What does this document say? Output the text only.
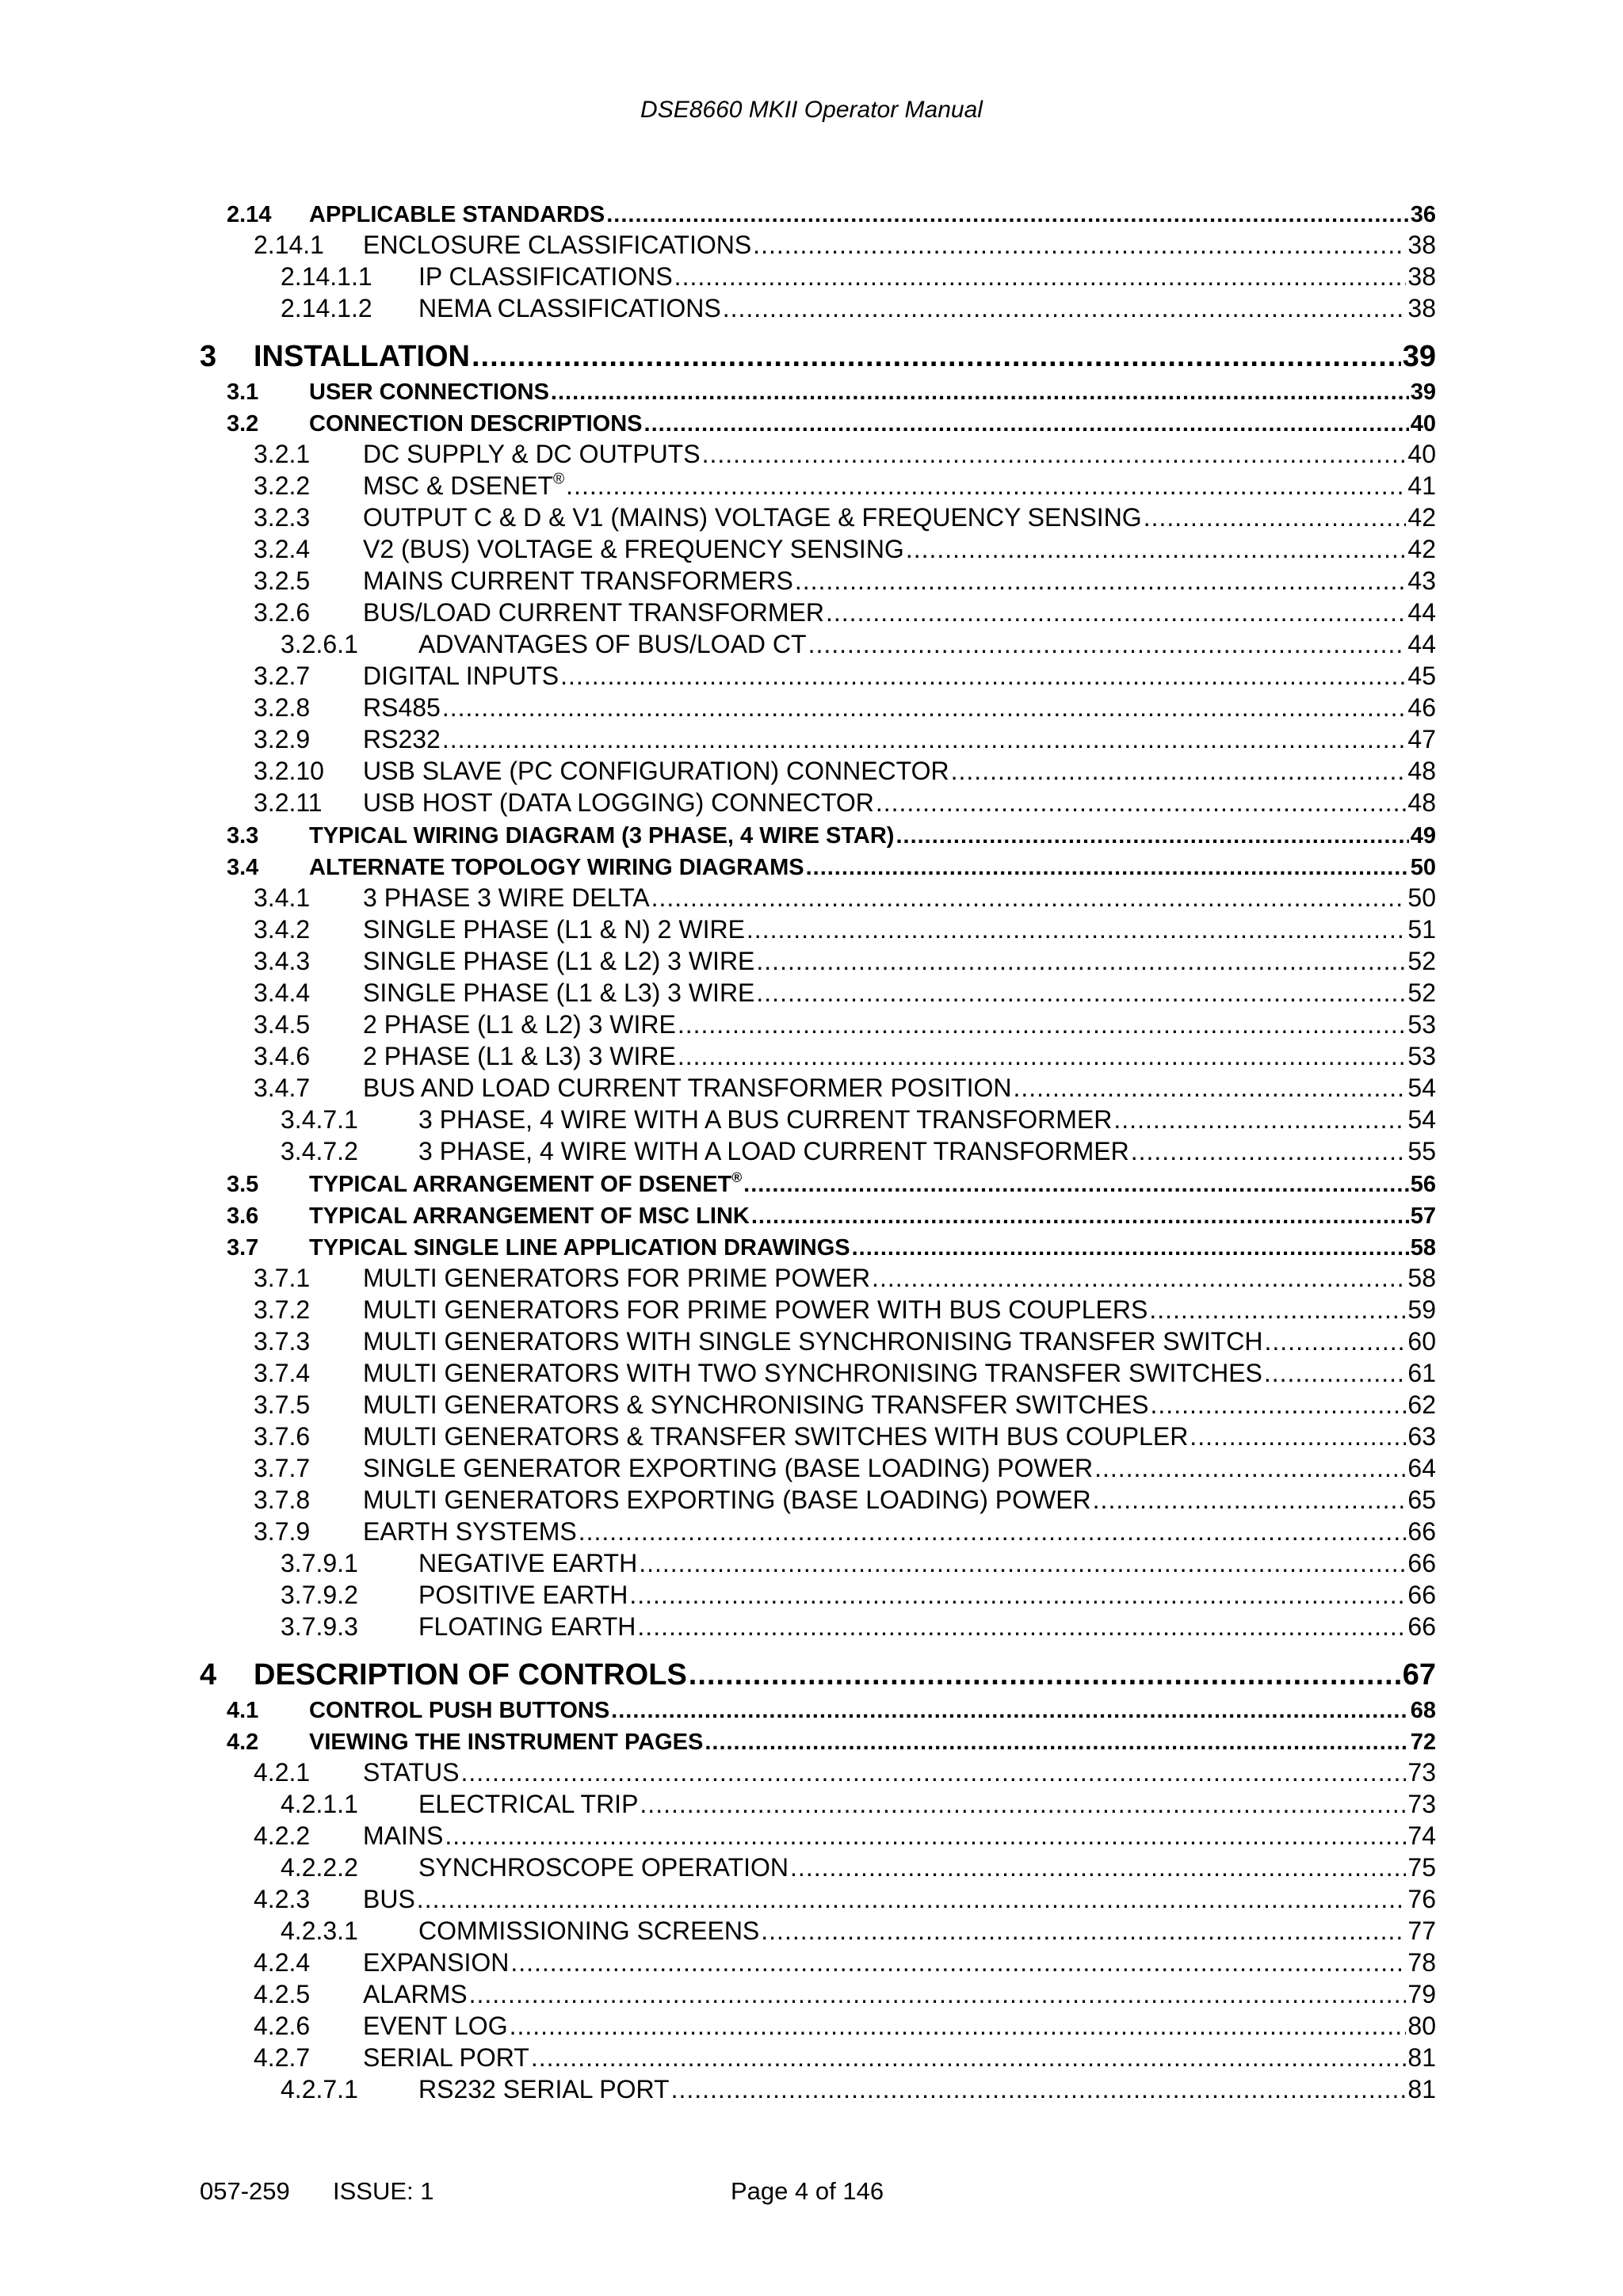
DSE8660 MKII Operator Manual
2.14 APPLICABLE STANDARDS .....	36
2.14.1 ENCLOSURE CLASSIFICATIONS .....	38
2.14.1.1 IP CLASSIFICATIONS .....	38
2.14.1.2 NEMA CLASSIFICATIONS .....	38
3 INSTALLATION .....	39
3.1 USER CONNECTIONS .....	39
3.2 CONNECTION DESCRIPTIONS .....	40
3.2.1 DC SUPPLY & DC OUTPUTS .....	40
3.2.2 MSC & DSENET® .....	41
3.2.3 OUTPUT C & D & V1 (MAINS) VOLTAGE & FREQUENCY SENSING .....	42
3.2.4 V2 (BUS) VOLTAGE & FREQUENCY SENSING .....	42
3.2.5 MAINS CURRENT TRANSFORMERS .....	43
3.2.6 BUS/LOAD CURRENT TRANSFORMER .....	44
3.2.6.1 ADVANTAGES OF BUS/LOAD CT .....	44
3.2.7 DIGITAL INPUTS .....	45
3.2.8 RS485 .....	46
3.2.9 RS232 .....	47
3.2.10 USB SLAVE (PC CONFIGURATION) CONNECTOR .....	48
3.2.11 USB HOST (DATA LOGGING) CONNECTOR .....	48
3.3 TYPICAL WIRING DIAGRAM (3 PHASE, 4 WIRE STAR) .....	49
3.4 ALTERNATE TOPOLOGY WIRING DIAGRAMS .....	50
3.4.1 3 PHASE 3 WIRE DELTA .....	50
3.4.2 SINGLE PHASE (L1 & N) 2 WIRE .....	51
3.4.3 SINGLE PHASE (L1 & L2) 3 WIRE .....	52
3.4.4 SINGLE PHASE (L1 & L3) 3 WIRE .....	52
3.4.5 2 PHASE (L1 & L2) 3 WIRE .....	53
3.4.6 2 PHASE (L1 & L3) 3 WIRE .....	53
3.4.7 BUS AND LOAD CURRENT TRANSFORMER POSITION .....	54
3.4.7.1 3 PHASE, 4 WIRE WITH A BUS CURRENT TRANSFORMER .....	54
3.4.7.2 3 PHASE, 4 WIRE WITH A LOAD CURRENT TRANSFORMER .....	55
3.5 TYPICAL ARRANGEMENT OF DSENET® .....	56
3.6 TYPICAL ARRANGEMENT OF MSC LINK .....	57
3.7 TYPICAL SINGLE LINE APPLICATION DRAWINGS .....	58
3.7.1 MULTI GENERATORS FOR PRIME POWER .....	58
3.7.2 MULTI GENERATORS FOR PRIME POWER WITH BUS COUPLERS .....	59
3.7.3 MULTI GENERATORS WITH SINGLE SYNCHRONISING TRANSFER SWITCH .....	60
3.7.4 MULTI GENERATORS WITH TWO SYNCHRONISING TRANSFER SWITCHES .....	61
3.7.5 MULTI GENERATORS & SYNCHRONISING TRANSFER SWITCHES .....	62
3.7.6 MULTI GENERATORS & TRANSFER SWITCHES WITH BUS COUPLER .....	63
3.7.7 SINGLE GENERATOR EXPORTING (BASE LOADING) POWER .....	64
3.7.8 MULTI GENERATORS EXPORTING (BASE LOADING) POWER .....	65
3.7.9 EARTH SYSTEMS .....	66
3.7.9.1 NEGATIVE EARTH .....	66
3.7.9.2 POSITIVE EARTH .....	66
3.7.9.3 FLOATING EARTH .....	66
4 DESCRIPTION OF CONTROLS .....	67
4.1 CONTROL PUSH BUTTONS .....	68
4.2 VIEWING THE INSTRUMENT PAGES .....	72
4.2.1 STATUS .....	73
4.2.1.1 ELECTRICAL TRIP .....	73
4.2.2 MAINS .....	74
4.2.2.2 SYNCHROSCOPE OPERATION .....	75
4.2.3 BUS .....	76
4.2.3.1 COMMISSIONING SCREENS .....	77
4.2.4 EXPANSION .....	78
4.2.5 ALARMS .....	79
4.2.6 EVENT LOG .....	80
4.2.7 SERIAL PORT .....	81
4.2.7.1 RS232 SERIAL PORT .....	81
057-259 ISSUE: 1	Page 4 of 146
